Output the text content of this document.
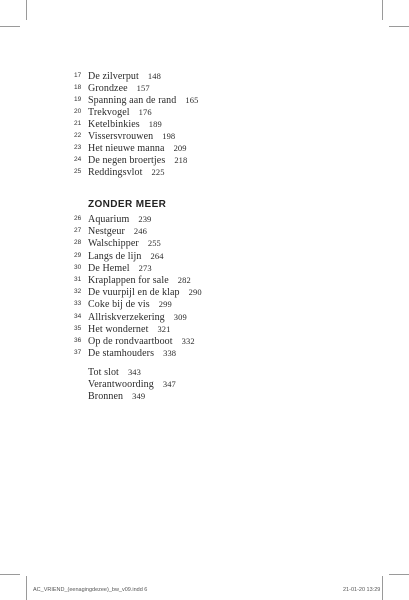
17 De zilverput 148
18 Grondzee 157
19 Spanning aan de rand 165
20 Trekvogel 176
21 Ketelbinkies 189
22 Vissersvrouwen 198
23 Het nieuwe manna 209
24 De negen broertjes 218
25 Reddingsvlot 225
ZONDER MEER
26 Aquarium 239
27 Nestgeur 246
28 Walschipper 255
29 Langs de lijn 264
30 De Hemel 273
31 Kraplappen for sale 282
32 De vuurpijl en de klap 290
33 Coke bij de vis 299
34 Allriskverzekering 309
35 Het wondernet 321
36 Op de rondvaartboot 332
37 De stamhouders 338
Tot slot 343
Verantwoording 347
Bronnen 349
AC_VRIEND_(eenagingdezee)_bw_v09.indd 6	21-01-20 13:29
